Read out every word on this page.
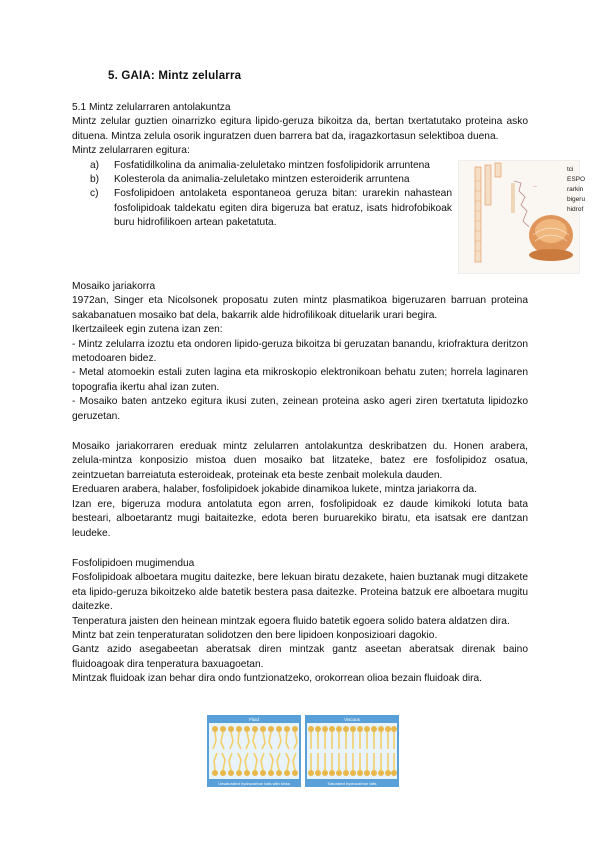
5. GAIA: Mintz zelularra

5.1 Mintz zelularraren antolakuntza

Mintz zelular guztien oinarrizko egitura lipido-geruza bikoitza da, bertan txertatutako proteina asko dituena. Mintza zelula osorik inguratzen duen barrera bat da, iragazkortasun selektiboa duena.

Mintz zelularraren egitura:

a) Fosfatidilkolina da animalia-zeluletako mintzen fosfolipidorik arruntena
b) Kolesterola da animalia-zeluletako mintzen esteroiderik arruntena
c) Fosfolipidoen antolaketa espontaneoa geruza bitan: urarekin nahastean fosfolipidoak taldekatu egiten dira bigeruza bat eratuz, isats hidrofobikoak buru hidrofilikoen artean paketatuta.
—
tci
ESPO
rarkin
bigeru
hidrof

Mosaiko jariakorra

1972an, Singer eta Nicolsonek proposatu zuten mintz plasmatikoa bigeruzaren barruan proteina sakabanatuen mosaiko bat dela, bakarrik alde hidrofilikoak dituelarik urari begira.

Ikertzaileek egin zutena izan zen:

- Mintz zelularra izoztu eta ondoren lipido-geruza bikoitza bi geruzatan banandu, kriofraktura deritzon metodoaren bidez.

- Metal atomoekin estali zuten lagina eta mikroskopio elektronikoan behatu zuten; horrela laginaren topografia ikertu ahal izan zuten.

- Mosaiko baten antzeko egitura ikusi zuten, zeinean proteina asko ageri ziren txertatuta lipidozko geruzetan.

Mosaiko jariakorraren ereduak mintz zelularren antolakuntza deskribatzen du. Honen arabera, zelula-mintza konposizio mistoa duen mosaiko bat litzateke, batez ere fosfolipidoz osatua, zeintzuetan barreiatuta esteroideak, proteinak eta beste zenbait molekula dauden.

Ereduaren arabera, halaber, fosfolipidoek jokabide dinamikoa lukete, mintza jariakorra da.

Izan ere, bigeruza modura antolatuta egon arren, fosfolipidoak ez daude kimikoki lotuta bata besteari, alboetarantz mugi baitaitezke, edota beren buruarekiko biratu, eta isatsak ere dantzan leudeke.

Fosfolipidoen mugimendua

Fosfolipidoak alboetara mugitu daitezke, bere lekuan biratu dezakete, haien buztanak mugi ditzakete eta lipido-geruza bikoitzeko alde batetik bestera pasa daitezke. Proteina batzuk ere alboetara mugitu daitezke.

Tenperatura jaisten den heinean mintzak egoera fluido batetik egoera solido batera aldatzen dira.

Mintz bat zein tenperaturatan solidotzen den bere lipidoen konposizioari dagokio.

Gantz azido asegabeetan aberatsak diren mintzak gantz aseetan aberatsak direnak baino fluidoagoak dira tenperatura baxuagoetan.

Mintzak fluidoak izan behar dira ondo funtzionatzeko, orokorrean olioa bezain fluidoak dira.

Fluid
Unsaturated hydrocarbon tails with kinks
Viscous
Saturated hydrocarbon tails
